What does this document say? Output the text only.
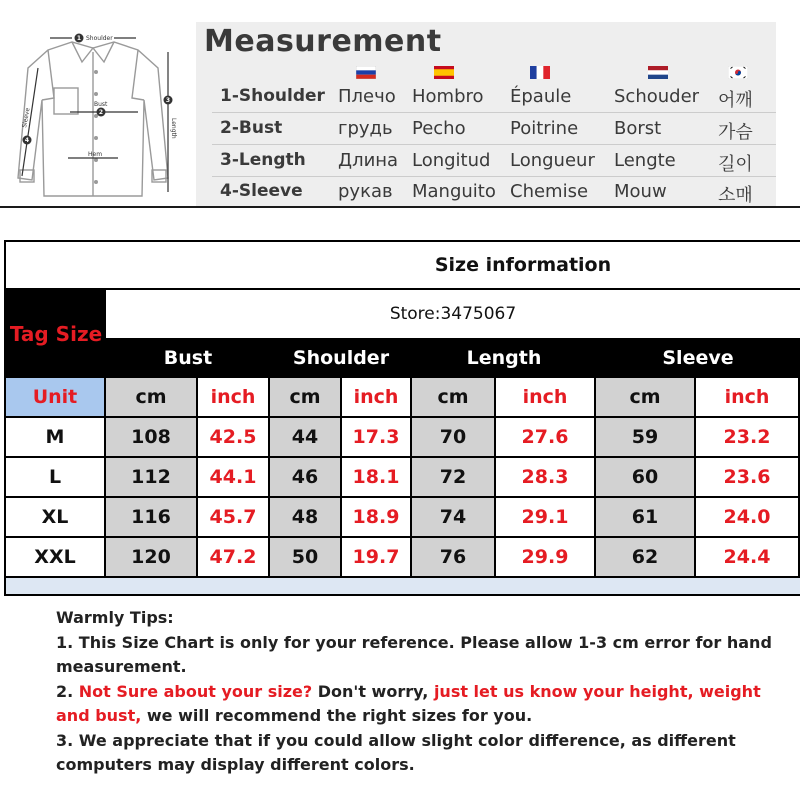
Shoulder
Bust
Hem
Sleeve
Length
1
2
3
4
Measurement
1-Shoulder Плечо Hombro Épaule Schouder 어깨
2-Bust	грудь Pecho Poitrine Borst	가슴
3-Length Длина Longitud Longueur Lengte 길이
4-Sleeve рукав Manguito Chemise Mouw	소매
Size information
Tag Size
Store:3475067
Bust	Shoulder	Length	Sleeve
Unit	cm	inch	cm	inch	cm	inch	cm	inch
M	108	42.5	44	17.3	70	27.6	59	23.2
L	112	44.1	46	18.1	72	28.3	60	23.6
XL	116	45.7	48	18.9	74	29.1	61	24.0
XXL	120	47.2	50	19.7	76	29.9	62	24.4

Warmly Tips:

1. This Size Chart is only for your reference. Please allow 1-3 cm error for hand measurement.

2. Not Sure about your size? Don't worry, just let us know your height, weight and bust, we will recommend the right sizes for you.

3. We appreciate that if you could allow slight color difference, as different computers may display different colors.
